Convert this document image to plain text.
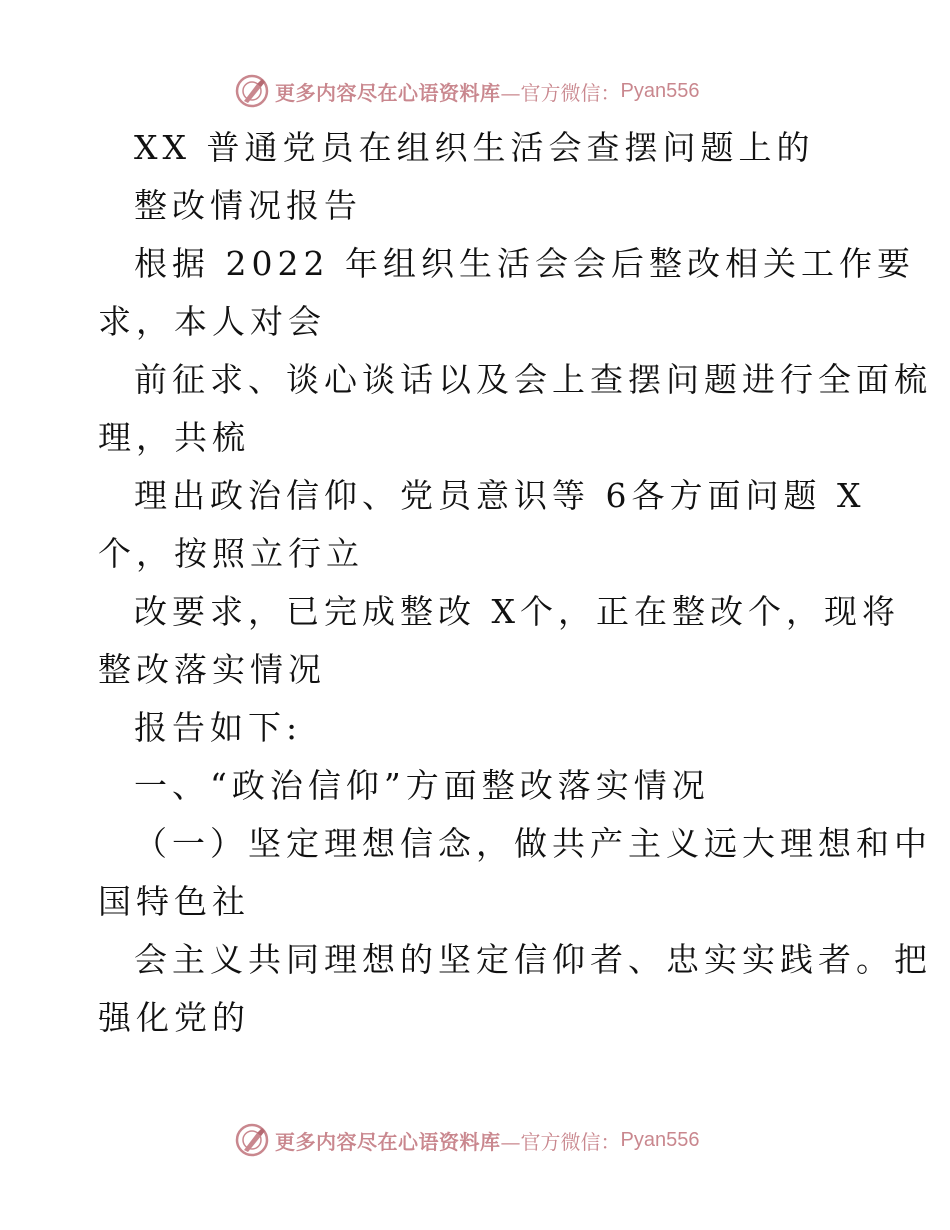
更多内容尽在心语资料库 —官方微信： Pyan556
XX 普通党员在组织生活会查摆问题上的
整改情况报告
根据 2022 年组织生活会会后整改相关工作要
求，本人对会
前征求、谈心谈话以及会上查摆问题进行全面梳
理，共梳
理出政治信仰、党员意识等 6各方面问题 X
个，按照立行立
改要求，已完成整改 X个，正在整改个，现将
整改落实情况
报告如下:
一、“政治信仰”方面整改落实情况
（一）坚定理想信念，做共产主义远大理想和中
国特色社
会主义共同理想的坚定信仰者、忠实实践者。把
强化党的
更多内容尽在心语资料库 —官方微信： Pyan556
